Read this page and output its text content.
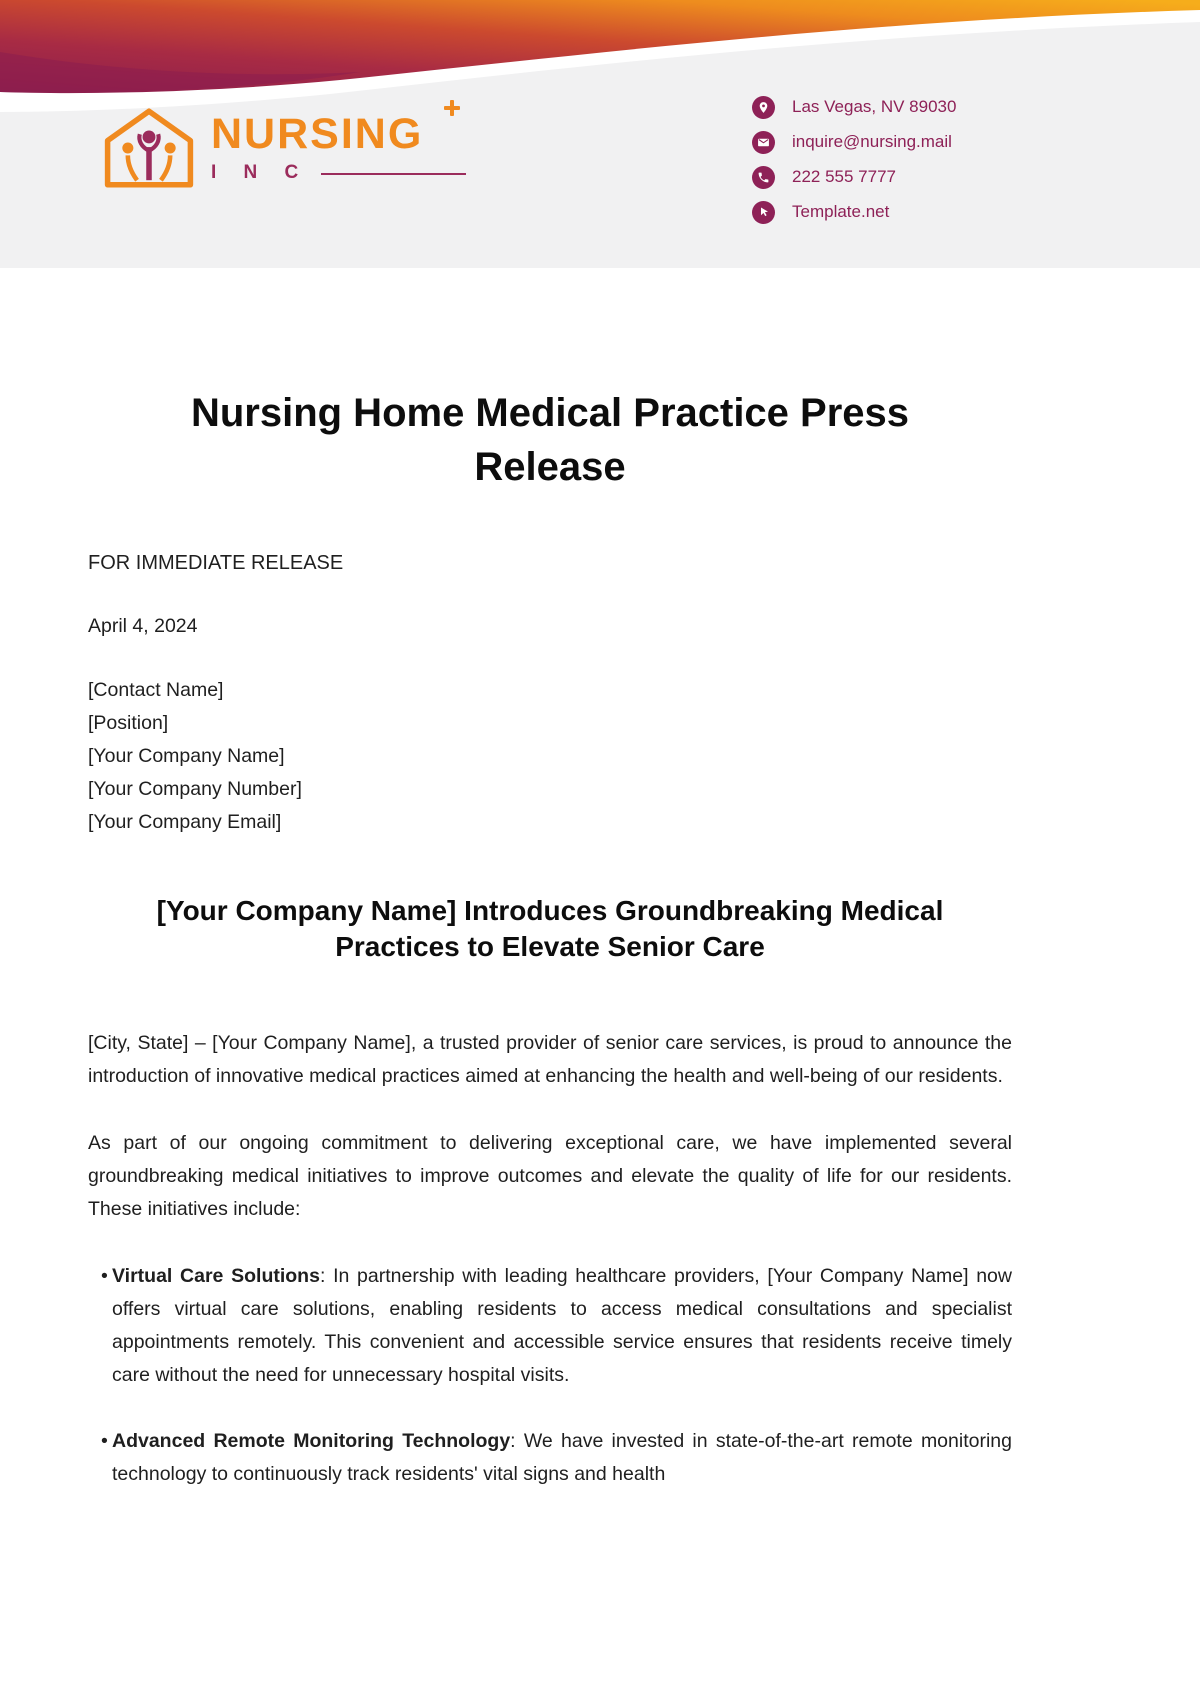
NURSING
I N C
Las Vegas, NV 89030
inquire@nursing.mail
222 555 7777
Template.net
Nursing Home Medical Practice Press Release
FOR IMMEDIATE RELEASE
April 4, 2024
[Contact Name]
[Position]
[Your Company Name]
[Your Company Number]
[Your Company Email]
[Your Company Name] Introduces Groundbreaking Medical Practices to Elevate Senior Care

[City, State] – [Your Company Name], a trusted provider of senior care services, is proud to announce the introduction of innovative medical practices aimed at enhancing the health and well-being of our residents.

As part of our ongoing commitment to delivering exceptional care, we have implemented several groundbreaking medical initiatives to improve outcomes and elevate the quality of life for our residents. These initiatives include:

• Virtual Care Solutions: In partnership with leading healthcare providers, [Your Company Name] now offers virtual care solutions, enabling residents to access medical consultations and specialist appointments remotely. This convenient and accessible service ensures that residents receive timely care without the need for unnecessary hospital visits.
• Advanced Remote Monitoring Technology: We have invested in state-of-the-art remote monitoring technology to continuously track residents' vital signs and health
